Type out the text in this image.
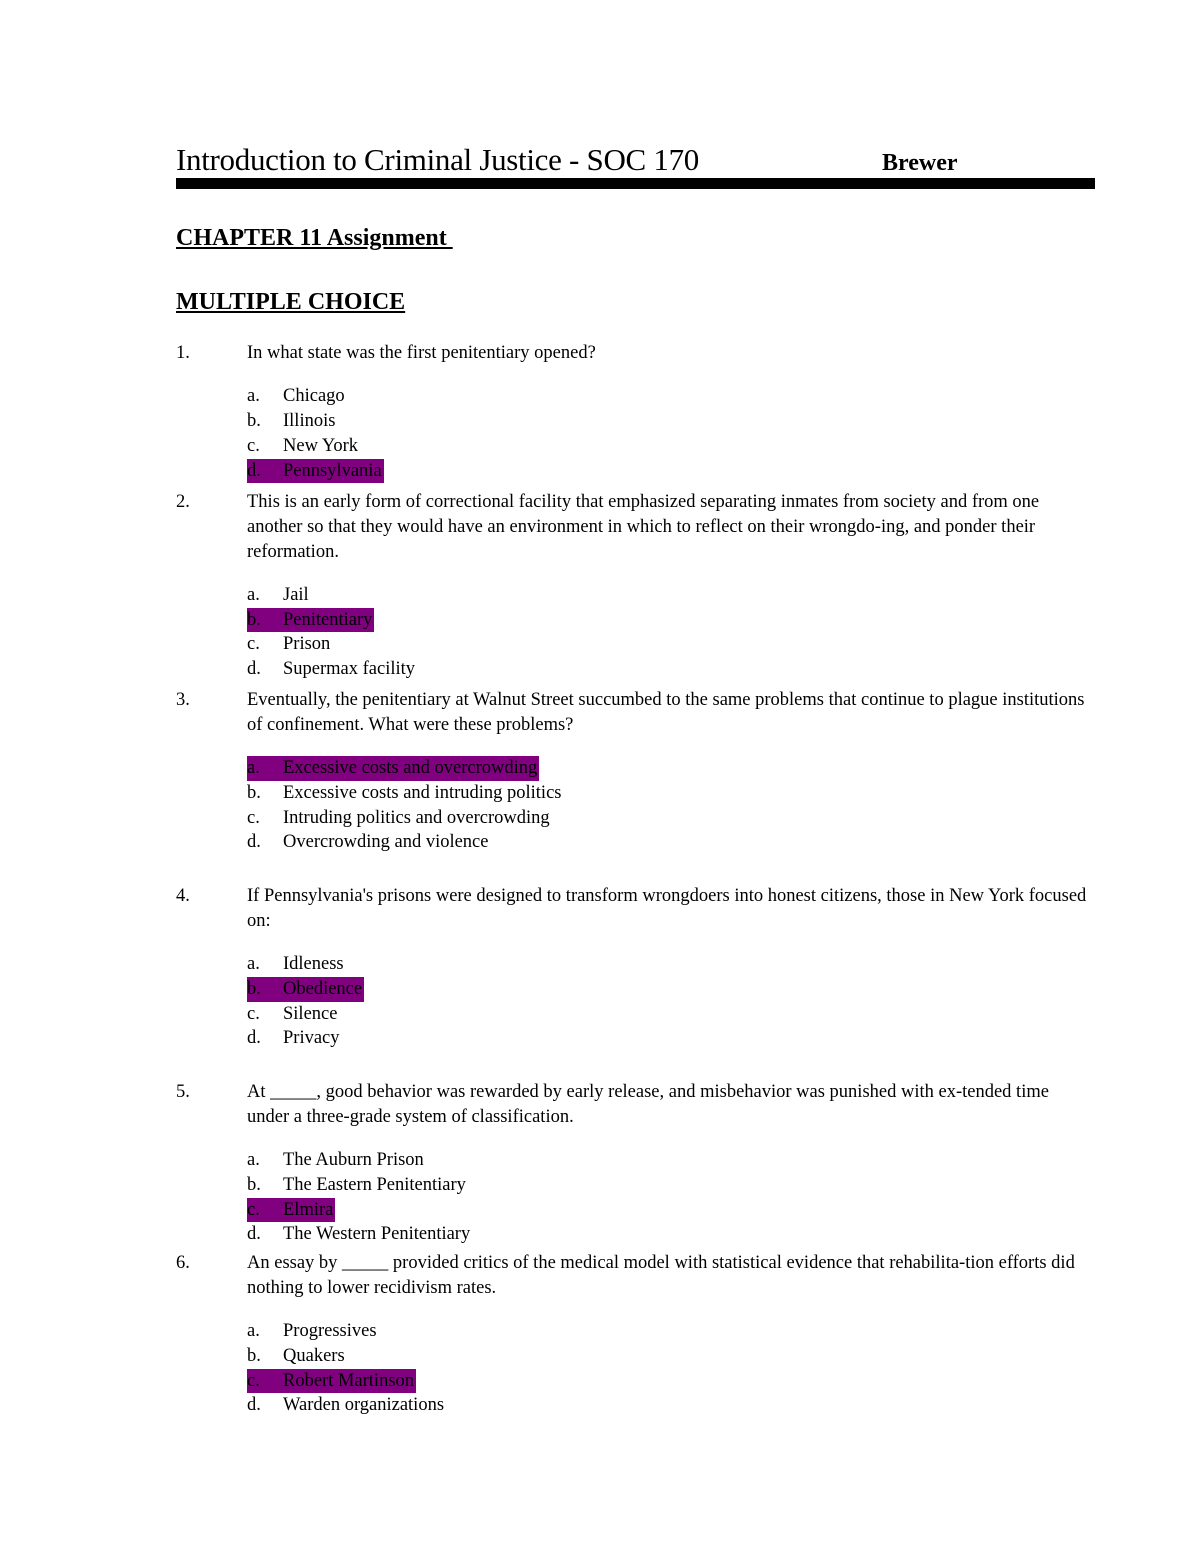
Introduction to Criminal Justice - SOC 170	Brewer
CHAPTER 11 Assignment
MULTIPLE CHOICE
1.	In what state was the first penitentiary opened?
a. Chicago
b. Illinois
c. New York
d. Pennsylvania
2.	This is an early form of correctional facility that emphasized separating inmates from society and from one another so that they would have an environment in which to reflect on their wrongdo-ing, and ponder their reformation.
a. Jail
b. Penitentiary
c. Prison
d. Supermax facility
3.	Eventually, the penitentiary at Walnut Street succumbed to the same problems that continue to plague institutions of confinement. What were these problems?
a. Excessive costs and overcrowding
b. Excessive costs and intruding politics
c. Intruding politics and overcrowding
d. Overcrowding and violence
4.	If Pennsylvania's prisons were designed to transform wrongdoers into honest citizens, those in New York focused on:
a. Idleness
b. Obedience
c. Silence
d. Privacy
5.	At _____, good behavior was rewarded by early release, and misbehavior was punished with ex-tended time under a three-grade system of classification.
a. The Auburn Prison
b. The Eastern Penitentiary
c. Elmira
d. The Western Penitentiary
6.	An essay by _____ provided critics of the medical model with statistical evidence that rehabilita-tion efforts did nothing to lower recidivism rates.
a. Progressives
b. Quakers
c. Robert Martinson
d. Warden organizations
